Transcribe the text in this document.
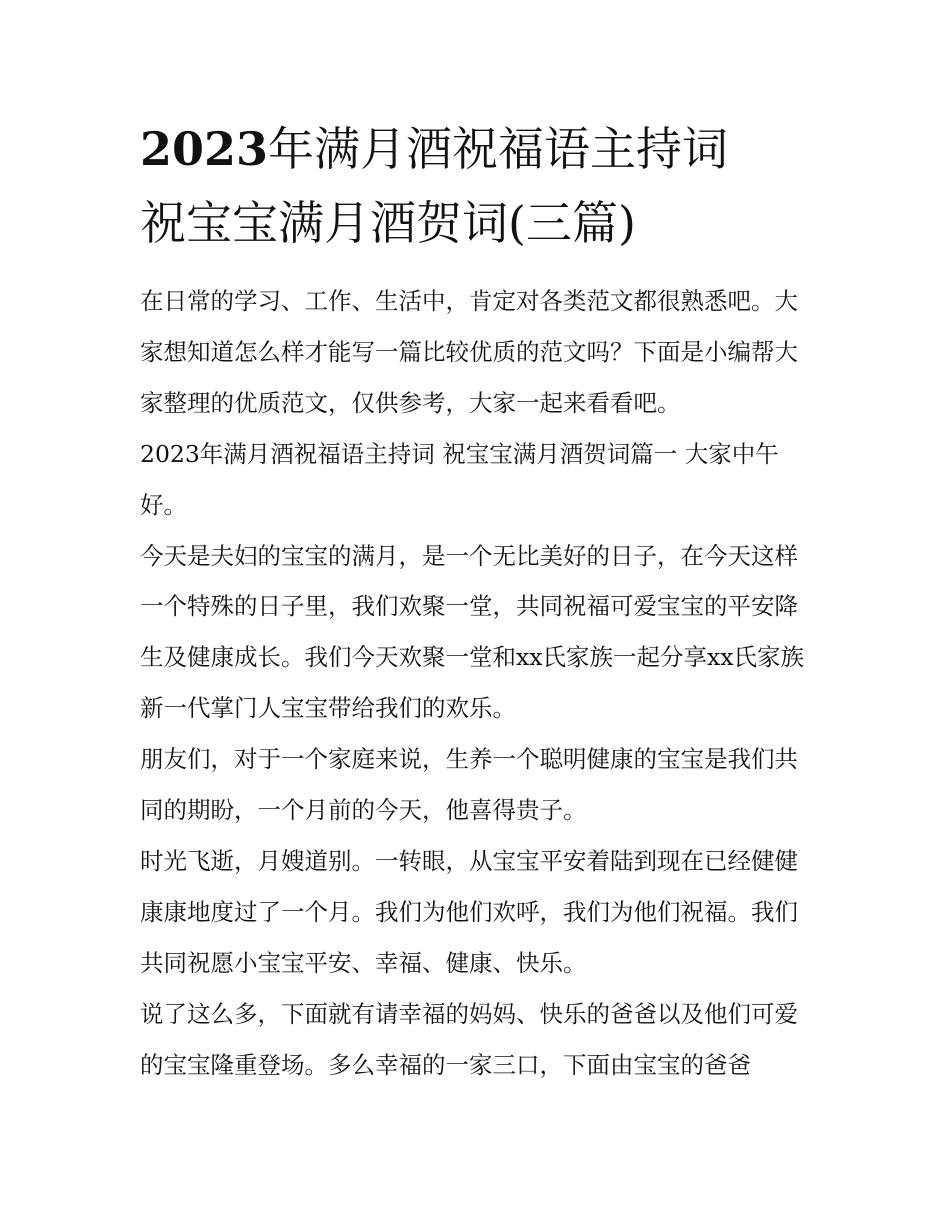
2023年满月酒祝福语主持词
祝宝宝满月酒贺词(三篇)

在日常的学习、工作、生活中，肯定对各类范文都很熟悉吧。大家想知道怎么样才能写一篇比较优质的范文吗？下面是小编帮大家整理的优质范文，仅供参考，大家一起来看看吧。

2023年满月酒祝福语主持词 祝宝宝满月酒贺词篇一 大家中午好。

今天是夫妇的宝宝的满月，是一个无比美好的日子，在今天这样一个特殊的日子里，我们欢聚一堂，共同祝福可爱宝宝的平安降生及健康成长。我们今天欢聚一堂和xx氏家族一起分享xx氏家族新一代掌门人宝宝带给我们的欢乐。

朋友们，对于一个家庭来说，生养一个聪明健康的宝宝是我们共同的期盼，一个月前的今天，他喜得贵子。

时光飞逝，月嫂道别。一转眼，从宝宝平安着陆到现在已经健健康康地度过了一个月。我们为他们欢呼，我们为他们祝福。我们共同祝愿小宝宝平安、幸福、健康、快乐。

说了这么多，下面就有请幸福的妈妈、快乐的爸爸以及他们可爱的宝宝隆重登场。多么幸福的一家三口，下面由宝宝的爸爸
